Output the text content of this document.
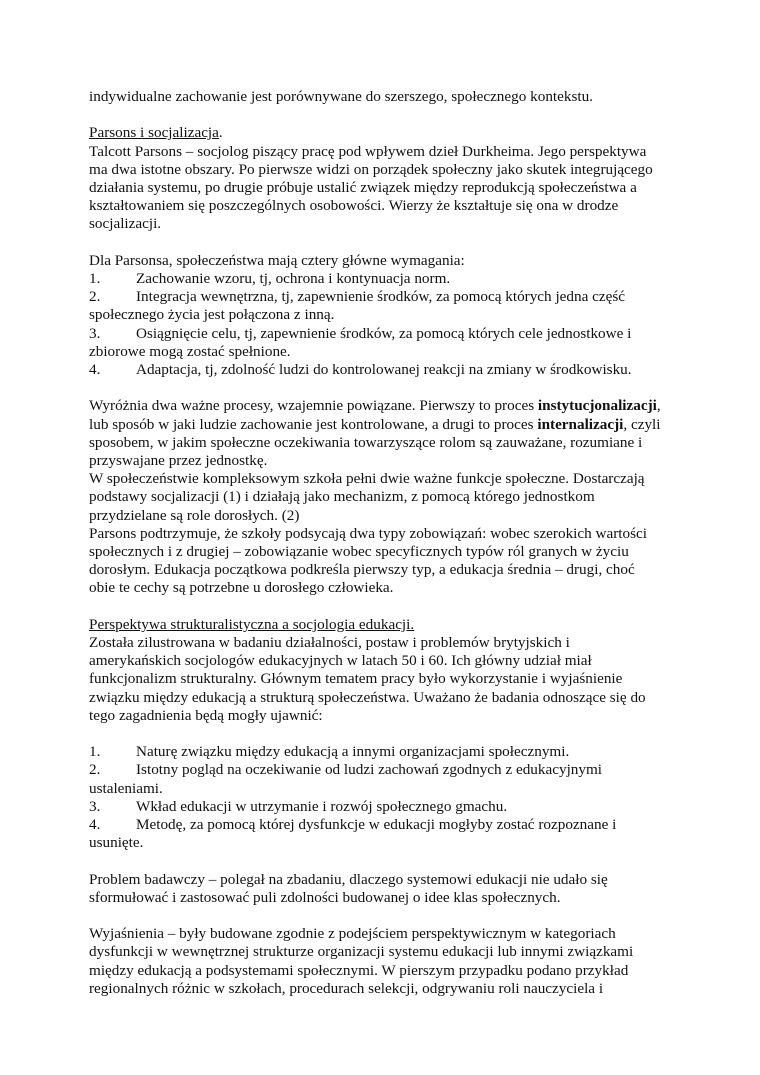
indywidualne zachowanie jest porównywane do szerszego, społecznego kontekstu.

Parsons i socjalizacja.

Talcott Parsons – socjolog piszący pracę pod wpływem dzieł Durkheima. Jego perspektywa ma dwa istotne obszary. Po pierwsze widzi on porządek społeczny jako skutek integrującego działania systemu, po drugie próbuje ustalić związek między reprodukcją społeczeństwa a kształtowaniem się poszczególnych osobowości. Wierzy że kształtuje się ona w drodze socjalizacji.

Dla Parsonsa, społeczeństwa mają cztery główne wymagania:

1. Zachowanie wzoru, tj, ochrona i kontynuacja norm.

2. Integracja wewnętrzna, tj, zapewnienie środków, za pomocą których jedna część społecznego życia jest połączona z inną.

3. Osiągnięcie celu, tj, zapewnienie środków, za pomocą których cele jednostkowe i zbiorowe mogą zostać spełnione.

4. Adaptacja, tj, zdolność ludzi do kontrolowanej reakcji na zmiany w środkowisku.

Wyróżnia dwa ważne procesy, wzajemnie powiązane. Pierwszy to proces instytucjonalizacji, lub sposób w jaki ludzie zachowanie jest kontrolowane, a drugi to proces internalizacji, czyli sposobem, w jakim społeczne oczekiwania towarzyszące rolom są zauważane, rozumiane i przyswajane przez jednostkę.

W społeczeństwie kompleksowym szkoła pełni dwie ważne funkcje społeczne. Dostarczają podstawy socjalizacji (1) i działają jako mechanizm, z pomocą którego jednostkom przydzielane są role dorosłych. (2)

Parsons podtrzymuje, że szkoły podsycają dwa typy zobowiązań: wobec szerokich wartości społecznych i z drugiej – zobowiązanie wobec specyficznych typów ról granych w życiu dorosłym. Edukacja początkowa podkreśla pierwszy typ, a edukacja średnia – drugi, choć obie te cechy są potrzebne u dorosłego człowieka.

Perspektywa strukturalistyczna a socjologia edukacji.

Została zilustrowana w badaniu działalności, postaw i problemów brytyjskich i amerykańskich socjologów edukacyjnych w latach 50 i 60. Ich główny udział miał funkcjonalizm strukturalny. Głównym tematem pracy było wykorzystanie i wyjaśnienie związku między edukacją a strukturą społeczeństwa. Uważano że badania odnoszące się do tego zagadnienia będą mogły ujawnić:

1. Naturę związku między edukacją a innymi organizacjami społecznymi.

2. Istotny pogląd na oczekiwanie od ludzi zachowań zgodnych z edukacyjnymi ustaleniami.

3. Wkład edukacji w utrzymanie i rozwój społecznego gmachu.

4. Metodę, za pomocą której dysfunkcje w edukacji mogłyby zostać rozpoznane i usunięte.

Problem badawczy – polegał na zbadaniu, dlaczego systemowi edukacji nie udało się sformułować i zastosować puli zdolności budowanej o idee klas społecznych.

Wyjaśnienia – były budowane zgodnie z podejściem perspektywicznym w kategoriach dysfunkcji w wewnętrznej strukturze organizacji systemu edukacji lub innymi związkami między edukacją a podsystemami społecznymi. W pierszym przypadku podano przykład regionalnych różnic w szkołach, procedurach selekcji, odgrywaniu roli nauczyciela i
